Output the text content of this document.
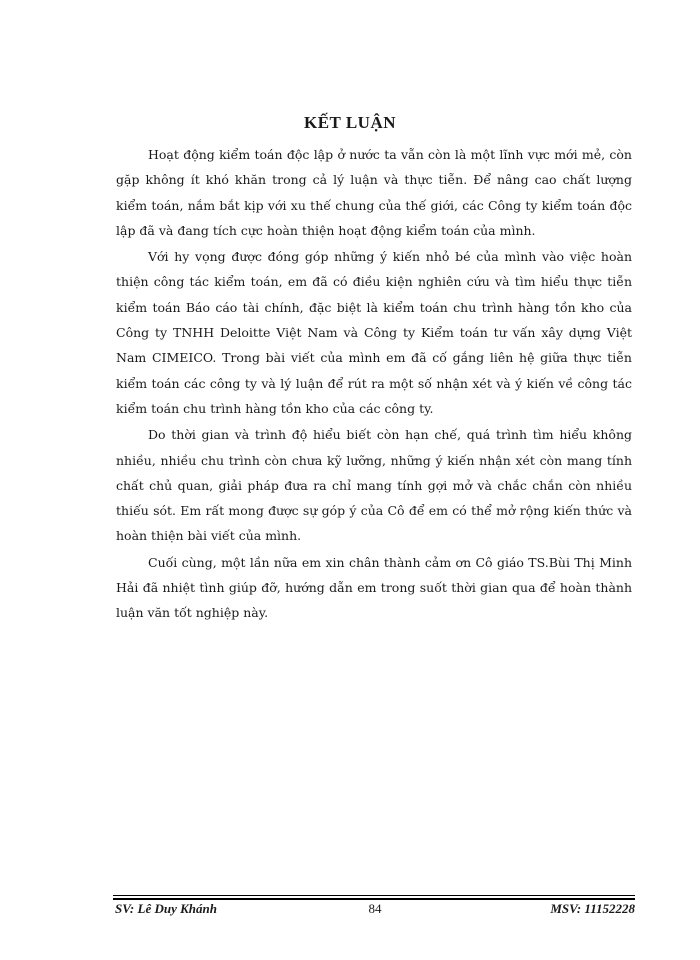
KẾT LUẬN

Hoạt động kiểm toán độc lập ở nước ta vẫn còn là một lĩnh vực mới mẻ, còn gặp không ít khó khăn trong cả lý luận và thực tiễn. Để nâng cao chất lượng kiểm toán, nắm bắt kịp với xu thế chung của thế giới, các Công ty kiểm toán độc lập đã và đang tích cực hoàn thiện hoạt động kiểm toán của mình.

Với hy vọng được đóng góp những ý kiến nhỏ bé của mình vào việc hoàn thiện công tác kiểm toán, em đã có điều kiện nghiên cứu và tìm hiểu thực tiễn kiểm toán Báo cáo tài chính, đặc biệt là kiểm toán chu trình hàng tồn kho của Công ty TNHH Deloitte Việt Nam và Công ty Kiểm toán tư vấn xây dựng Việt Nam CIMEICO. Trong bài viết của mình em đã cố gắng liên hệ giữa thực tiễn kiểm toán các công ty và lý luận để rút ra một số nhận xét và ý kiến về công tác kiểm toán chu trình hàng tồn kho của các công ty.

Do thời gian và trình độ hiểu biết còn hạn chế, quá trình tìm hiểu không nhiều, nhiều chu trình còn chưa kỹ lưỡng, những ý kiến nhận xét còn mang tính chất chủ quan, giải pháp đưa ra chỉ mang tính gợi mở và chắc chắn còn nhiều thiếu sót. Em rất mong được sự góp ý của Cô để em có thể mở rộng kiến thức và hoàn thiện bài viết của mình.

Cuối cùng, một lần nữa em xin chân thành cảm ơn Cô giáo TS.Bùi Thị Minh Hải đã nhiệt tình giúp đỡ, hướng dẫn em trong suốt thời gian qua để hoàn thành luận văn tốt nghiệp này.

SV: Lê Duy Khánh	84	MSV: 11152228
